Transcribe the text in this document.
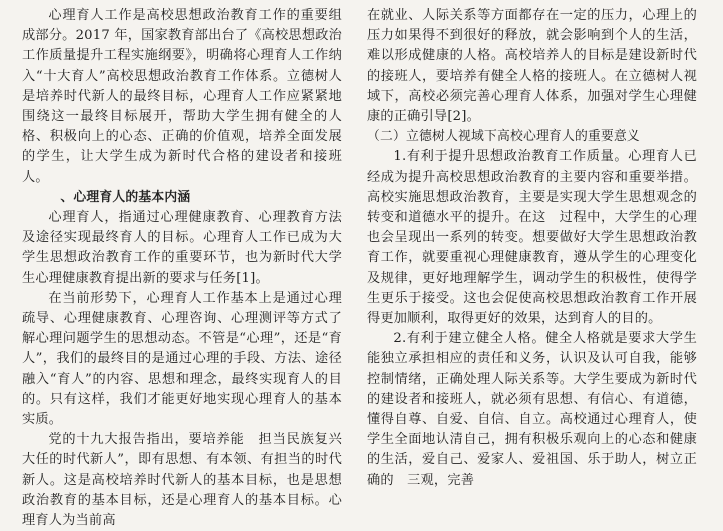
心理育人工作是高校思想政治教育工作的重要组成部分。2017 年，国家教育部出台了《高校思想政治工作质量提升工程实施纲要》，明确将心理育人工作纳入“十大育人”高校思想政治教育工作体系。立德树人是培养时代新人的最终目标，心理育人工作应紧紧地围绕这一最终目标展开，帮助大学生拥有健全的人格、积极向上的心态、正确的价值观，培养全面发展的学生，让大学生成为新时代合格的建设者和接班人。

、心理育人的基本内涵

心理育人，指通过心理健康教育、心理教育方法及途径实现最终育人的目标。心理育人工作已成为大学生思想政治教育工作的重要环节，也为新时代大学生心理健康教育提出新的要求与任务[1]。

在当前形势下，心理育人工作基本上是通过心理疏导、心理健康教育、心理咨询、心理测评等方式了解心理问题学生的思想动态。不管是“心理”，还是“育人”，我们的最终目的是通过心理的手段、方法、途径融入“育人”的内容、思想和理念，最终实现育人的目的。只有这样，我们才能更好地实现心理育人的基本实质。

党的十九大报告指出，要培养能　担当民族复兴大任的时代新人”，即有思想、有本领、有担当的时代新人。这是高校培养时代新人的基本目标，也是思想政治教育的基本目标，还是心理育人的基本目标。心理育人为当前高

在就业、人际关系等方面都存在一定的压力，心理上的压力如果得不到很好的释放，就会影响到个人的生活，难以形成健康的人格。高校培养人的目标是建设新时代的接班人，要培养有健全人格的接班人。在立德树人视域下，高校必须完善心理育人体系，加强对学生心理健康的正确引导[2]。

（二）立德树人视域下高校心理育人的重要意义

1.有利于提升思想政治教育工作质量。心理育人已经成为提升高校思想政治教育的主要内容和重要举措。高校实施思想政治教育，主要是实现大学生思想观念的转变和道德水平的提升。在这　过程中，大学生的心理也会呈现出一系列的转变。想要做好大学生思想政治教育工作，就要重视心理健康教育，遵从学生的心理变化及规律，更好地理解学生，调动学生的积极性，使得学生更乐于接受。这也会促使高校思想政治教育工作开展得更加顺利，取得更好的效果，达到育人的目的。

2.有利于建立健全人格。健全人格就是要求大学生能独立承担相应的责任和义务，认识及认可自我，能够控制情绪，正确处理人际关系等。大学生要成为新时代的建设者和接班人，就必须有思想、有信心、有道德，懂得自尊、自爱、自信、自立。高校通过心理育人，使学生全面地认清自己，拥有积极乐观向上的心态和健康的生活，爱自己、爱家人、爱祖国、乐于助人，树立正确的　三观，完善
